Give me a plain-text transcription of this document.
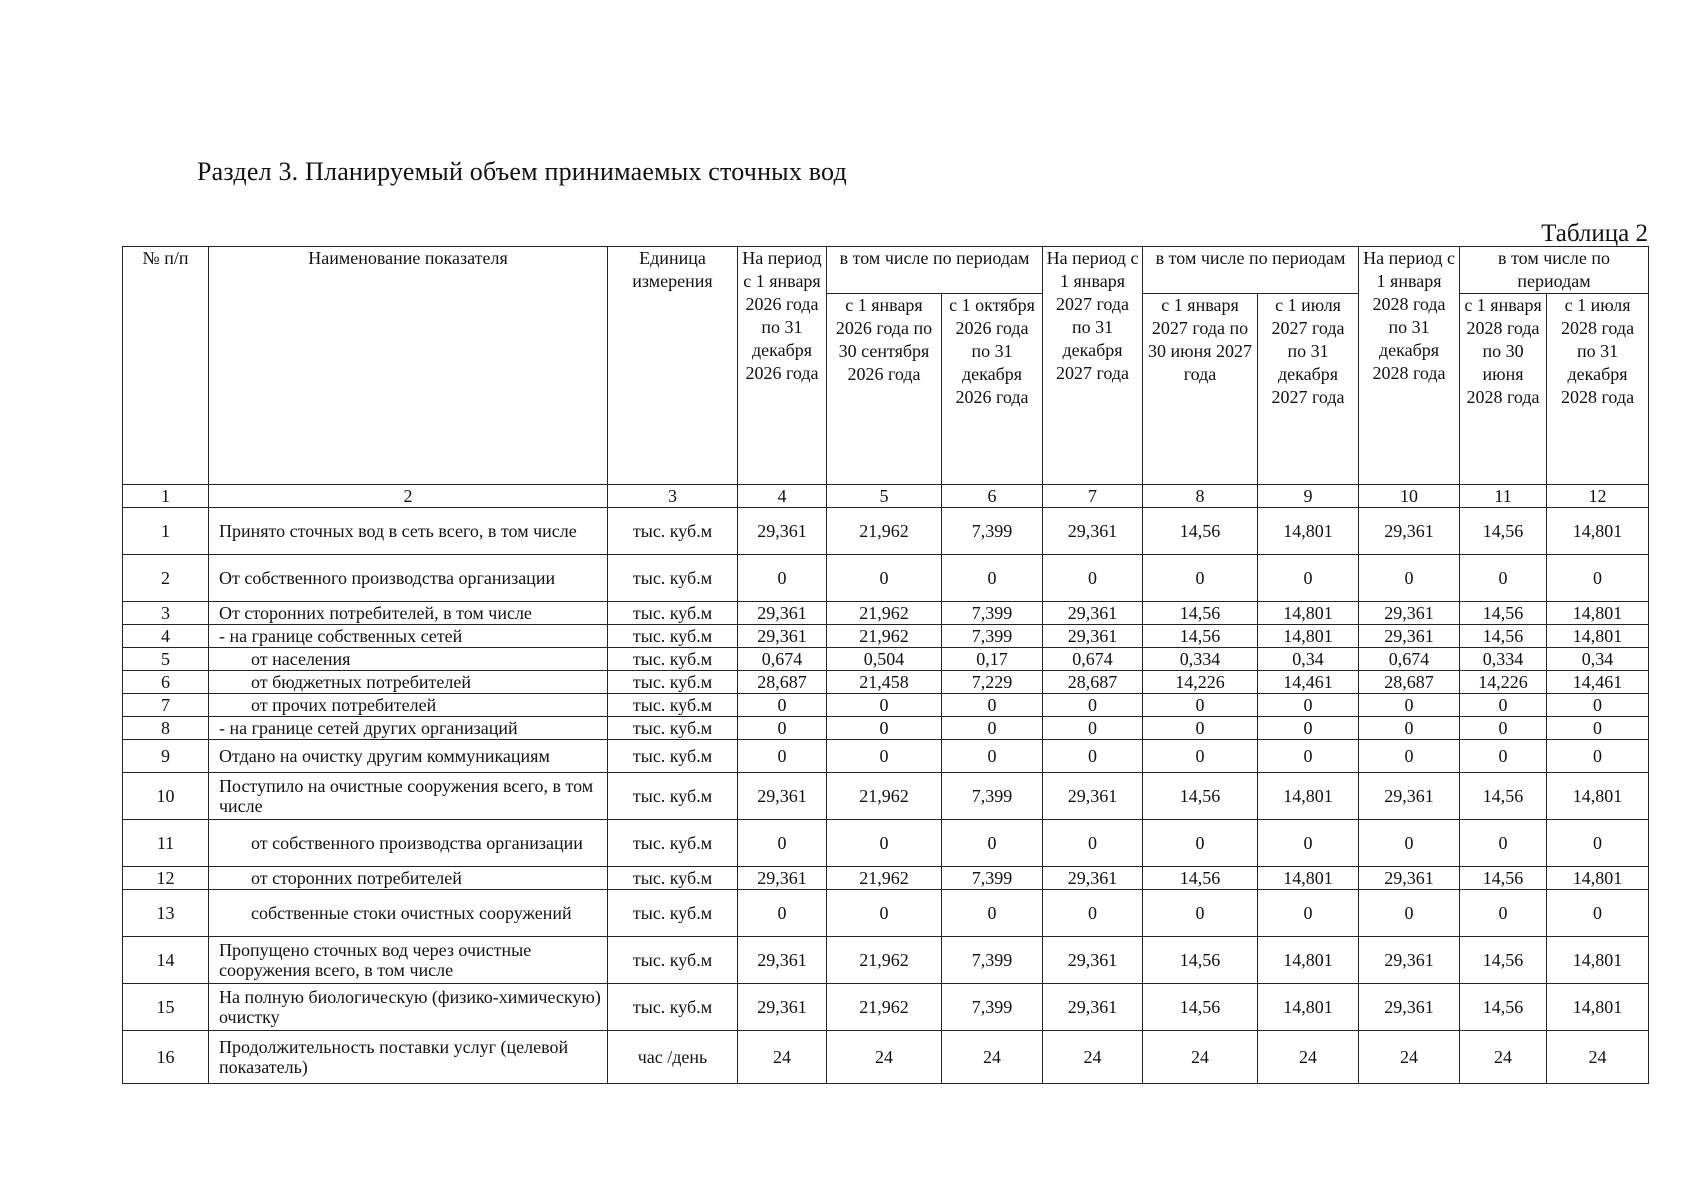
Раздел 3. Планируемый объем принимаемых сточных вод
Таблица 2
№ п/п	Наименование показателя	Единица измерения	На период с 1 января 2026 года по 31 декабря 2026 года	в том числе по периодам		На период с 1 января 2027 года по 31 декабря 2027 года	в том числе по периодам		На период с 1 января 2028 года по 31 декабря 2028 года	в том числе по периодам	
				с 1 января 2026 года по 30 сентября 2026 года	с 1 октября 2026 года по 31 декабря 2026 года		с 1 января 2027 года по 30 июня 2027 года	с 1 июля 2027 года по 31 декабря 2027 года		с 1 января 2028 года по 30 июня 2028 года	с 1 июля 2028 года по 31 декабря 2028 года
1	2	3	4	5	6	7	8	9	10	11	12
1	Принято сточных вод в сеть всего, в том числе	тыс. куб.м	29,361	21,962	7,399	29,361	14,56	14,801	29,361	14,56	14,801
2	От собственного производства организации	тыс. куб.м	0	0	0	0	0	0	0	0	0
3	От сторонних потребителей, в том числе	тыс. куб.м	29,361	21,962	7,399	29,361	14,56	14,801	29,361	14,56	14,801
4	- на границе собственных сетей	тыс. куб.м	29,361	21,962	7,399	29,361	14,56	14,801	29,361	14,56	14,801
5	от населения	тыс. куб.м	0,674	0,504	0,17	0,674	0,334	0,34	0,674	0,334	0,34
6	от бюджетных потребителей	тыс. куб.м	28,687	21,458	7,229	28,687	14,226	14,461	28,687	14,226	14,461
7	от прочих потребителей	тыс. куб.м	0	0	0	0	0	0	0	0	0
8	- на границе сетей других организаций	тыс. куб.м	0	0	0	0	0	0	0	0	0
9	Отдано на очистку другим коммуникациям	тыс. куб.м	0	0	0	0	0	0	0	0	0
10	Поступило на очистные сооружения всего, в том числе	тыс. куб.м	29,361	21,962	7,399	29,361	14,56	14,801	29,361	14,56	14,801
11	от собственного производства организации	тыс. куб.м	0	0	0	0	0	0	0	0	0
12	от сторонних потребителей	тыс. куб.м	29,361	21,962	7,399	29,361	14,56	14,801	29,361	14,56	14,801
13	собственные стоки очистных сооружений	тыс. куб.м	0	0	0	0	0	0	0	0	0
14	Пропущено сточных вод через очистные сооружения всего, в том числе	тыс. куб.м	29,361	21,962	7,399	29,361	14,56	14,801	29,361	14,56	14,801
15	На полную биологическую (физико-химическую) очистку	тыс. куб.м	29,361	21,962	7,399	29,361	14,56	14,801	29,361	14,56	14,801
16	Продолжительность поставки услуг (целевой показатель)	час /день	24	24	24	24	24	24	24	24	24
